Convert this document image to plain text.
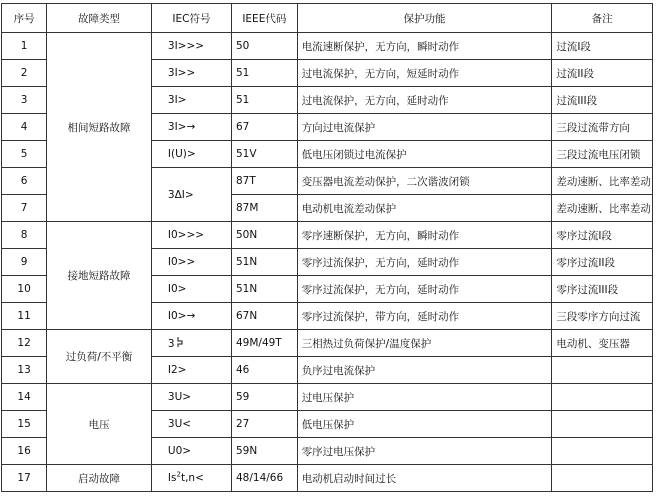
序号	故障类型	IEC符号	IEEE代码	保护功能	备注
1	相间短路故障	3I>>>	50	电流速断保护，无方向，瞬时动作	过流I段
2		3I>>	51	过电流保护，无方向，短延时动作	过流II段
3		3I>	51	过电流保护，无方向，延时动作	过流III段
4		3I>→	67	方向过电流保护	三段过流带方向
5		I(U)>	51V	低电压闭锁过电流保护	三段过流电压闭锁
6		3ΔI>	87T	变压器电流差动保护，二次谐波闭锁	差动速断、比率差动
7			87M	电动机电流差动保护	差动速断、比率差动
8	接地短路故障	I0>>>	50N	零序速断保护，无方向，瞬时动作	零序过流I段
9		I0>>	51N	零序过流保护，无方向，延时动作	零序过流II段
10		I0>	51N	零序过流保护，无方向，延时动作	零序过流III段
11		I0>→	67N	零序过流保护，带方向，延时动作	三段零序方向过流
12	过负荷/不平衡	3	49M/49T	三相热过负荷保护/温度保护	电动机、变压器
13		I2>	46	负序过电流保护	
14	电压	3U>	59	过电压保护	
15		3U<	27	低电压保护	
16		U0>	59N	零序过电压保护	
17	启动故障	$Is^2t,n<$	48/14/66	电动机启动时间过长	
